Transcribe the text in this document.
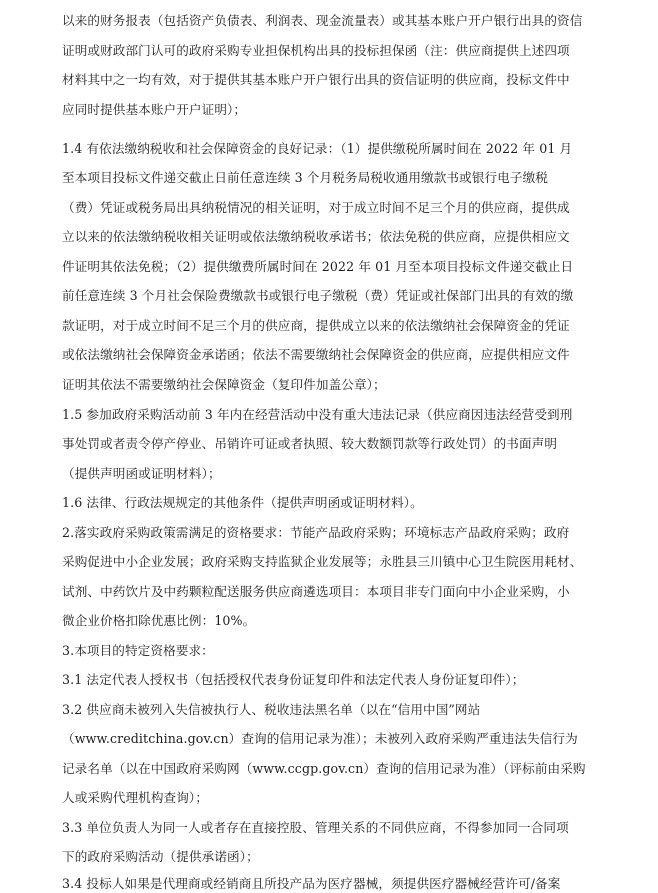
以来的财务报表（包括资产负债表、利润表、现金流量表）或其基本账户开户银行出具的资信
证明或财政部门认可的政府采购专业担保机构出具的投标担保函（注：供应商提供上述四项
材料其中之一均有效，对于提供其基本账户开户银行出具的资信证明的供应商，投标文件中
应同时提供基本账户开户证明）；
1.4 有依法缴纳税收和社会保障资金的良好记录：（1）提供缴税所属时间在 2022 年 01 月
至本项目投标文件递交截止日前任意连续 3 个月税务局税收通用缴款书或银行电子缴税
（费）凭证或税务局出具纳税情况的相关证明，对于成立时间不足三个月的供应商，提供成
立以来的依法缴纳税收相关证明或依法缴纳税收承诺书；依法免税的供应商，应提供相应文
件证明其依法免税；（2）提供缴费所属时间在 2022 年 01 月至本项目投标文件递交截止日
前任意连续 3 个月社会保险费缴款书或银行电子缴税（费）凭证或社保部门出具的有效的缴
款证明，对于成立时间不足三个月的供应商，提供成立以来的依法缴纳社会保障资金的凭证
或依法缴纳社会保障资金承诺函；依法不需要缴纳社会保障资金的供应商，应提供相应文件
证明其依法不需要缴纳社会保障资金（复印件加盖公章）；
1.5 参加政府采购活动前 3 年内在经营活动中没有重大违法记录（供应商因违法经营受到刑
事处罚或者责令停产停业、吊销许可证或者执照、较大数额罚款等行政处罚）的书面声明
（提供声明函或证明材料）；
1.6 法律、行政法规规定的其他条件（提供声明函或证明材料）。
2.落实政府采购政策需满足的资格要求：节能产品政府采购；环境标志产品政府采购；政府
采购促进中小企业发展；政府采购支持监狱企业发展等；永胜县三川镇中心卫生院医用耗材、
试剂、中药饮片及中药颗粒配送服务供应商遴选项目：本项目非专门面向中小企业采购，小
微企业价格扣除优惠比例：10%。
3.本项目的特定资格要求：
3.1 法定代表人授权书（包括授权代表身份证复印件和法定代表人身份证复印件）；
3.2 供应商未被列入失信被执行人、税收违法黑名单（以在“信用中国”网站
（www.creditchina.gov.cn）查询的信用记录为准）；未被列入政府采购严重违法失信行为
记录名单（以在中国政府采购网（www.ccgp.gov.cn）查询的信用记录为准）（评标前由采购
人或采购代理机构查询）；
3.3 单位负责人为同一人或者存在直接控股、管理关系的不同供应商，不得参加同一合同项
下的政府采购活动（提供承诺函）；
3.4 投标人如果是代理商或经销商且所投产品为医疗器械，须提供医疗器械经营许可/备案
